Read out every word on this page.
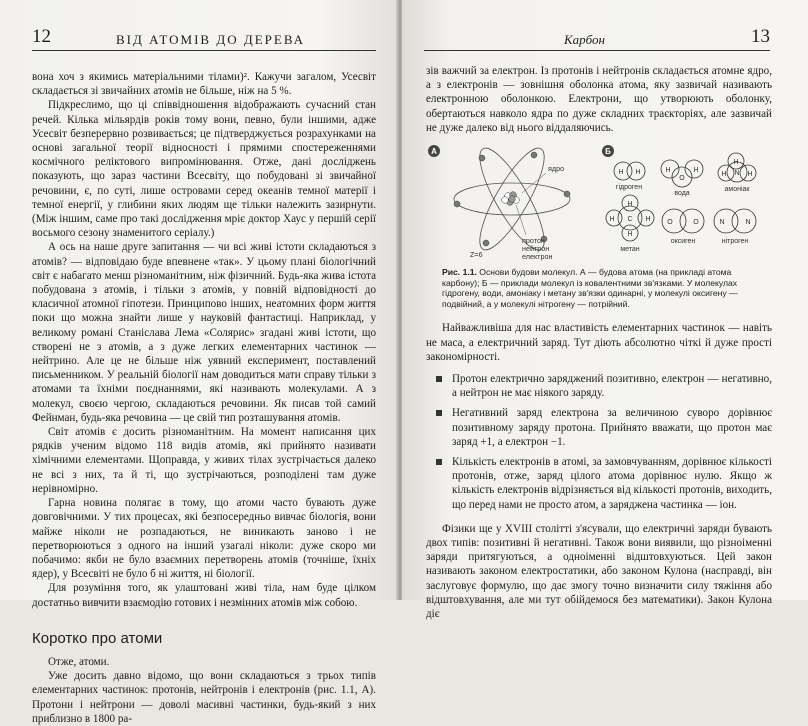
12	ВІД АТОМІВ ДО ДЕРЕВА

вона хоч з якимись матеріальними тілами)². Кажучи загалом, Усесвіт складається зі звичайних атомів не більше, ніж на 5 %.

Підкреслимо, що ці співвідношення відображають сучасний стан речей. Кілька мільярдів років тому вони, певно, були іншими, адже Усесвіт безперервно розвивається; це підтверджується розрахунками на основі загальної теорії відносності і прямими спостереженнями космічного реліктового випромінювання. Отже, дані досліджень показують, що зараз частини Всесвіту, що побудовані зі звичайної речовини, є, по суті, лише островами серед океанів темної матерії і темної енергії, у глибини яких людям ще тільки належить зазирнути. (Між іншим, саме про такі дослідження мріє доктор Хаус у першій серії восьмого сезону знаменитого серіалу.)

А ось на наше друге запитання — чи всі живі істоти складаються з атомів? — відповідаю буде впевнене «так». У цьому плані біологічний світ є набагато менш різноманітним, ніж фізичний. Будь-яка жива істота побудована з атомів, і тільки з атомів, у повній відповідності до класичної атомної гіпотези. Принципово інших, неатомних форм життя поки що можна знайти лише у науковій фантастиці. Наприклад, у великому романі Станіслава Лема «Солярис» згадані живі істоти, що створені не з атомів, а з дуже легких елементарних частинок — нейтрино. Але це не більше ніж уявний експеримент, поставлений письменником. У реальній біології нам доводиться мати справу тільки з атомами та їхніми поєднаннями, які називають молекулами. А з молекул, своєю чергою, складаються речовини. Як писав той самий Фейнман, будь-яка речовина — це свій тип розташування атомів.

Світ атомів є досить різноманітним. На момент написання цих рядків ученим відомо 118 видів атомів, які прийнято називати хімічними елементами. Щоправда, у живих тілах зустрічається далеко не всі з них, та й ті, що зустрічаються, розподілені там дуже нерівномірно.

Гарна новина полягає в тому, що атоми часто бувають дуже довговічними. У тих процесах, які безпосередньо вивчає біологія, вони майже ніколи не розпадаються, не виникають заново і не перетворюються з одного на інший узагалі ніколи: дуже скоро ми побачимо: якби не було взаємних перетворень атомів (точніше, їхніх ядер), у Всесвіті не було б ні життя, ні біології.

Для розуміння того, як улаштовані живі тіла, нам буде цілком достатньо вивчити взаємодію готових і незмінних атомів між собою.

Коротко про атоми

Отже, атоми.

Уже досить давно відомо, що вони складаються з трьох типів елементарних частинок: протонів, нейтронів і електронів (рис. 1.1, А). Протони і нейтрони — доволі масивні частинки, будь-який з них приблизно в 1800 ра-

Карбон	13

зів важчий за електрон. Із протонів і нейтронів складається атомне ядро, а з електронів — зовнішня оболонка атома, яку зазвичай називають електронною оболонкою. Електрони, що утворюють оболонку, обертаються навколо ядра по дуже складних траєкторіях, але зазвичай не дуже далеко від нього віддаляючись.

А
ядро
протон
нейтрон
електрон
Z=6
Б
H H	H
O
H
H
H	H
N
H
H C H
H
O	O	N	N
гідроген
вода
амоніак
метан
оксиген	нітроген
Рис. 1.1. Основи будови молекул. А — будова атома (на прикладі атома карбону); Б — приклади молекул із ковалентними зв'язками. У молекулах гідрогену, води, амоніаку і метану зв'язки одинарні, у молекулі оксигену — подвійний, а у молекулі нітрогену — потрійний.

Найважливіша для нас властивість елементарних частинок — навіть не маса, а електричний заряд. Тут діють абсолютно чіткі й дуже прості закономірності.

Протон електрично заряджений позитивно, електрон — негативно, а нейтрон не має ніякого заряду.
Негативний заряд електрона за величиною суворо дорівнює позитивному заряду протона. Прийнято вважати, що протон має заряд +1, а електрон −1.
Кількість електронів в атомі, за замовчуванням, дорівнює кількості протонів, отже, заряд цілого атома дорівнює нулю. Якщо ж кількість електронів відрізняється від кількості протонів, виходить, що перед нами не просто атом, а заряджена частинка — іон.

Фізики ще у XVIII столітті з'ясували, що електричні заряди бувають двох типів: позитивні й негативні. Також вони виявили, що різноіменні заряди притягуються, а одноіменні відштовхуються. Цей закон називають законом електростатики, або законом Кулона (насправді, він заслуговує формулю, що дає змогу точно визначити силу тяжіння або відштовхування, але ми тут обійдемося без математики). Закон Кулона діє
